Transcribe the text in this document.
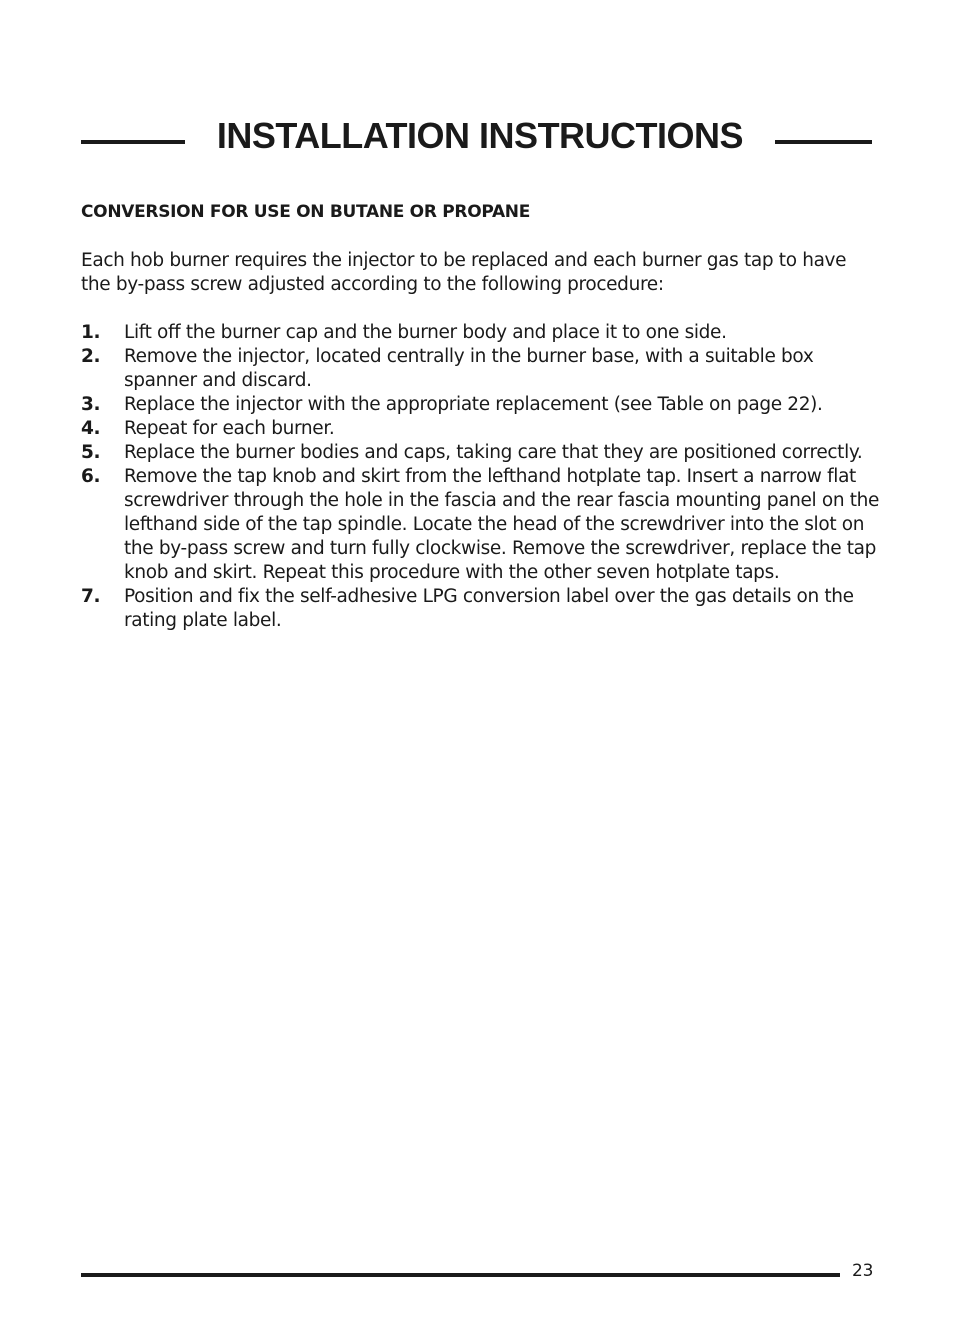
INSTALLATION INSTRUCTIONS
CONVERSION FOR USE ON BUTANE OR PROPANE

Each hob burner requires the injector to be replaced and each burner gas tap to have the by-pass screw adjusted according to the following procedure:

1.	Lift off the burner cap and the burner body and place it to one side.
2.	Remove the injector, located centrally in the burner base, with a suitable box spanner and discard.
3.	Replace the injector with the appropriate replacement (see Table on page 22).
4.	Repeat for each burner.
5.	Replace the burner bodies and caps, taking care that they are positioned correctly.
6.	Remove the tap knob and skirt from the lefthand hotplate tap. Insert a narrow flat screwdriver through the hole in the fascia and the rear fascia mounting panel on the lefthand side of the tap spindle. Locate the head of the screwdriver into the slot on the by-pass screw and turn fully clockwise. Remove the screwdriver, replace the tap knob and skirt. Repeat this procedure with the other seven hotplate taps.
7.	Position and fix the self-adhesive LPG conversion label over the gas details on the rating plate label.
23
